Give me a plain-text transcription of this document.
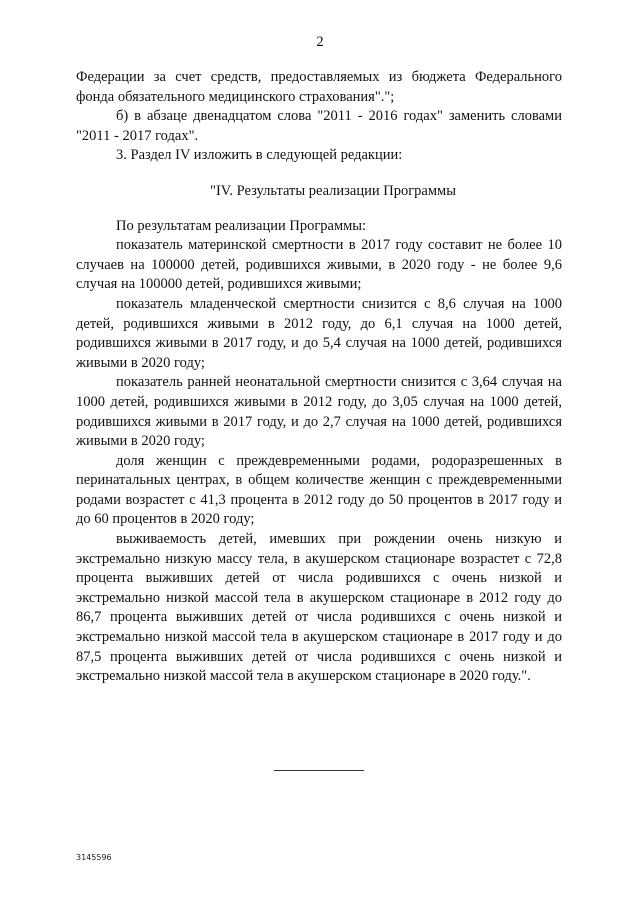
2

Федерации за счет средств, предоставляемых из бюджета Федерального фонда обязательного медицинского страхования".";

б) в абзаце двенадцатом слова "2011 - 2016 годах" заменить словами "2011 - 2017 годах".

3. Раздел IV изложить в следующей редакции:

"IV. Результаты реализации Программы

По результатам реализации Программы:

показатель материнской смертности в 2017 году составит не более 10 случаев на 100000 детей, родившихся живыми, в 2020 году - не более 9,6 случая на 100000 детей, родившихся живыми;

показатель младенческой смертности снизится с 8,6 случая на 1000 детей, родившихся живыми в 2012 году, до 6,1 случая на 1000 детей, родившихся живыми в 2017 году, и до 5,4 случая на 1000 детей, родившихся живыми в 2020 году;

показатель ранней неонатальной смертности снизится с 3,64 случая на 1000 детей, родившихся живыми в 2012 году, до 3,05 случая на 1000 детей, родившихся живыми в 2017 году, и до 2,7 случая на 1000 детей, родившихся живыми в 2020 году;

доля женщин с преждевременными родами, родоразрешенных в перинатальных центрах, в общем количестве женщин с преждевременными родами возрастет с 41,3 процента в 2012 году до 50 процентов в 2017 году и до 60 процентов в 2020 году;

выживаемость детей, имевших при рождении очень низкую и экстремально низкую массу тела, в акушерском стационаре возрастет с 72,8 процента выживших детей от числа родившихся с очень низкой и экстремально низкой массой тела в акушерском стационаре в 2012 году до 86,7 процента выживших детей от числа родившихся с очень низкой и экстремально низкой массой тела в акушерском стационаре в 2017 году и до 87,5 процента выживших детей от числа родившихся с очень низкой и экстремально низкой массой тела в акушерском стационаре в 2020 году.".

3145596
